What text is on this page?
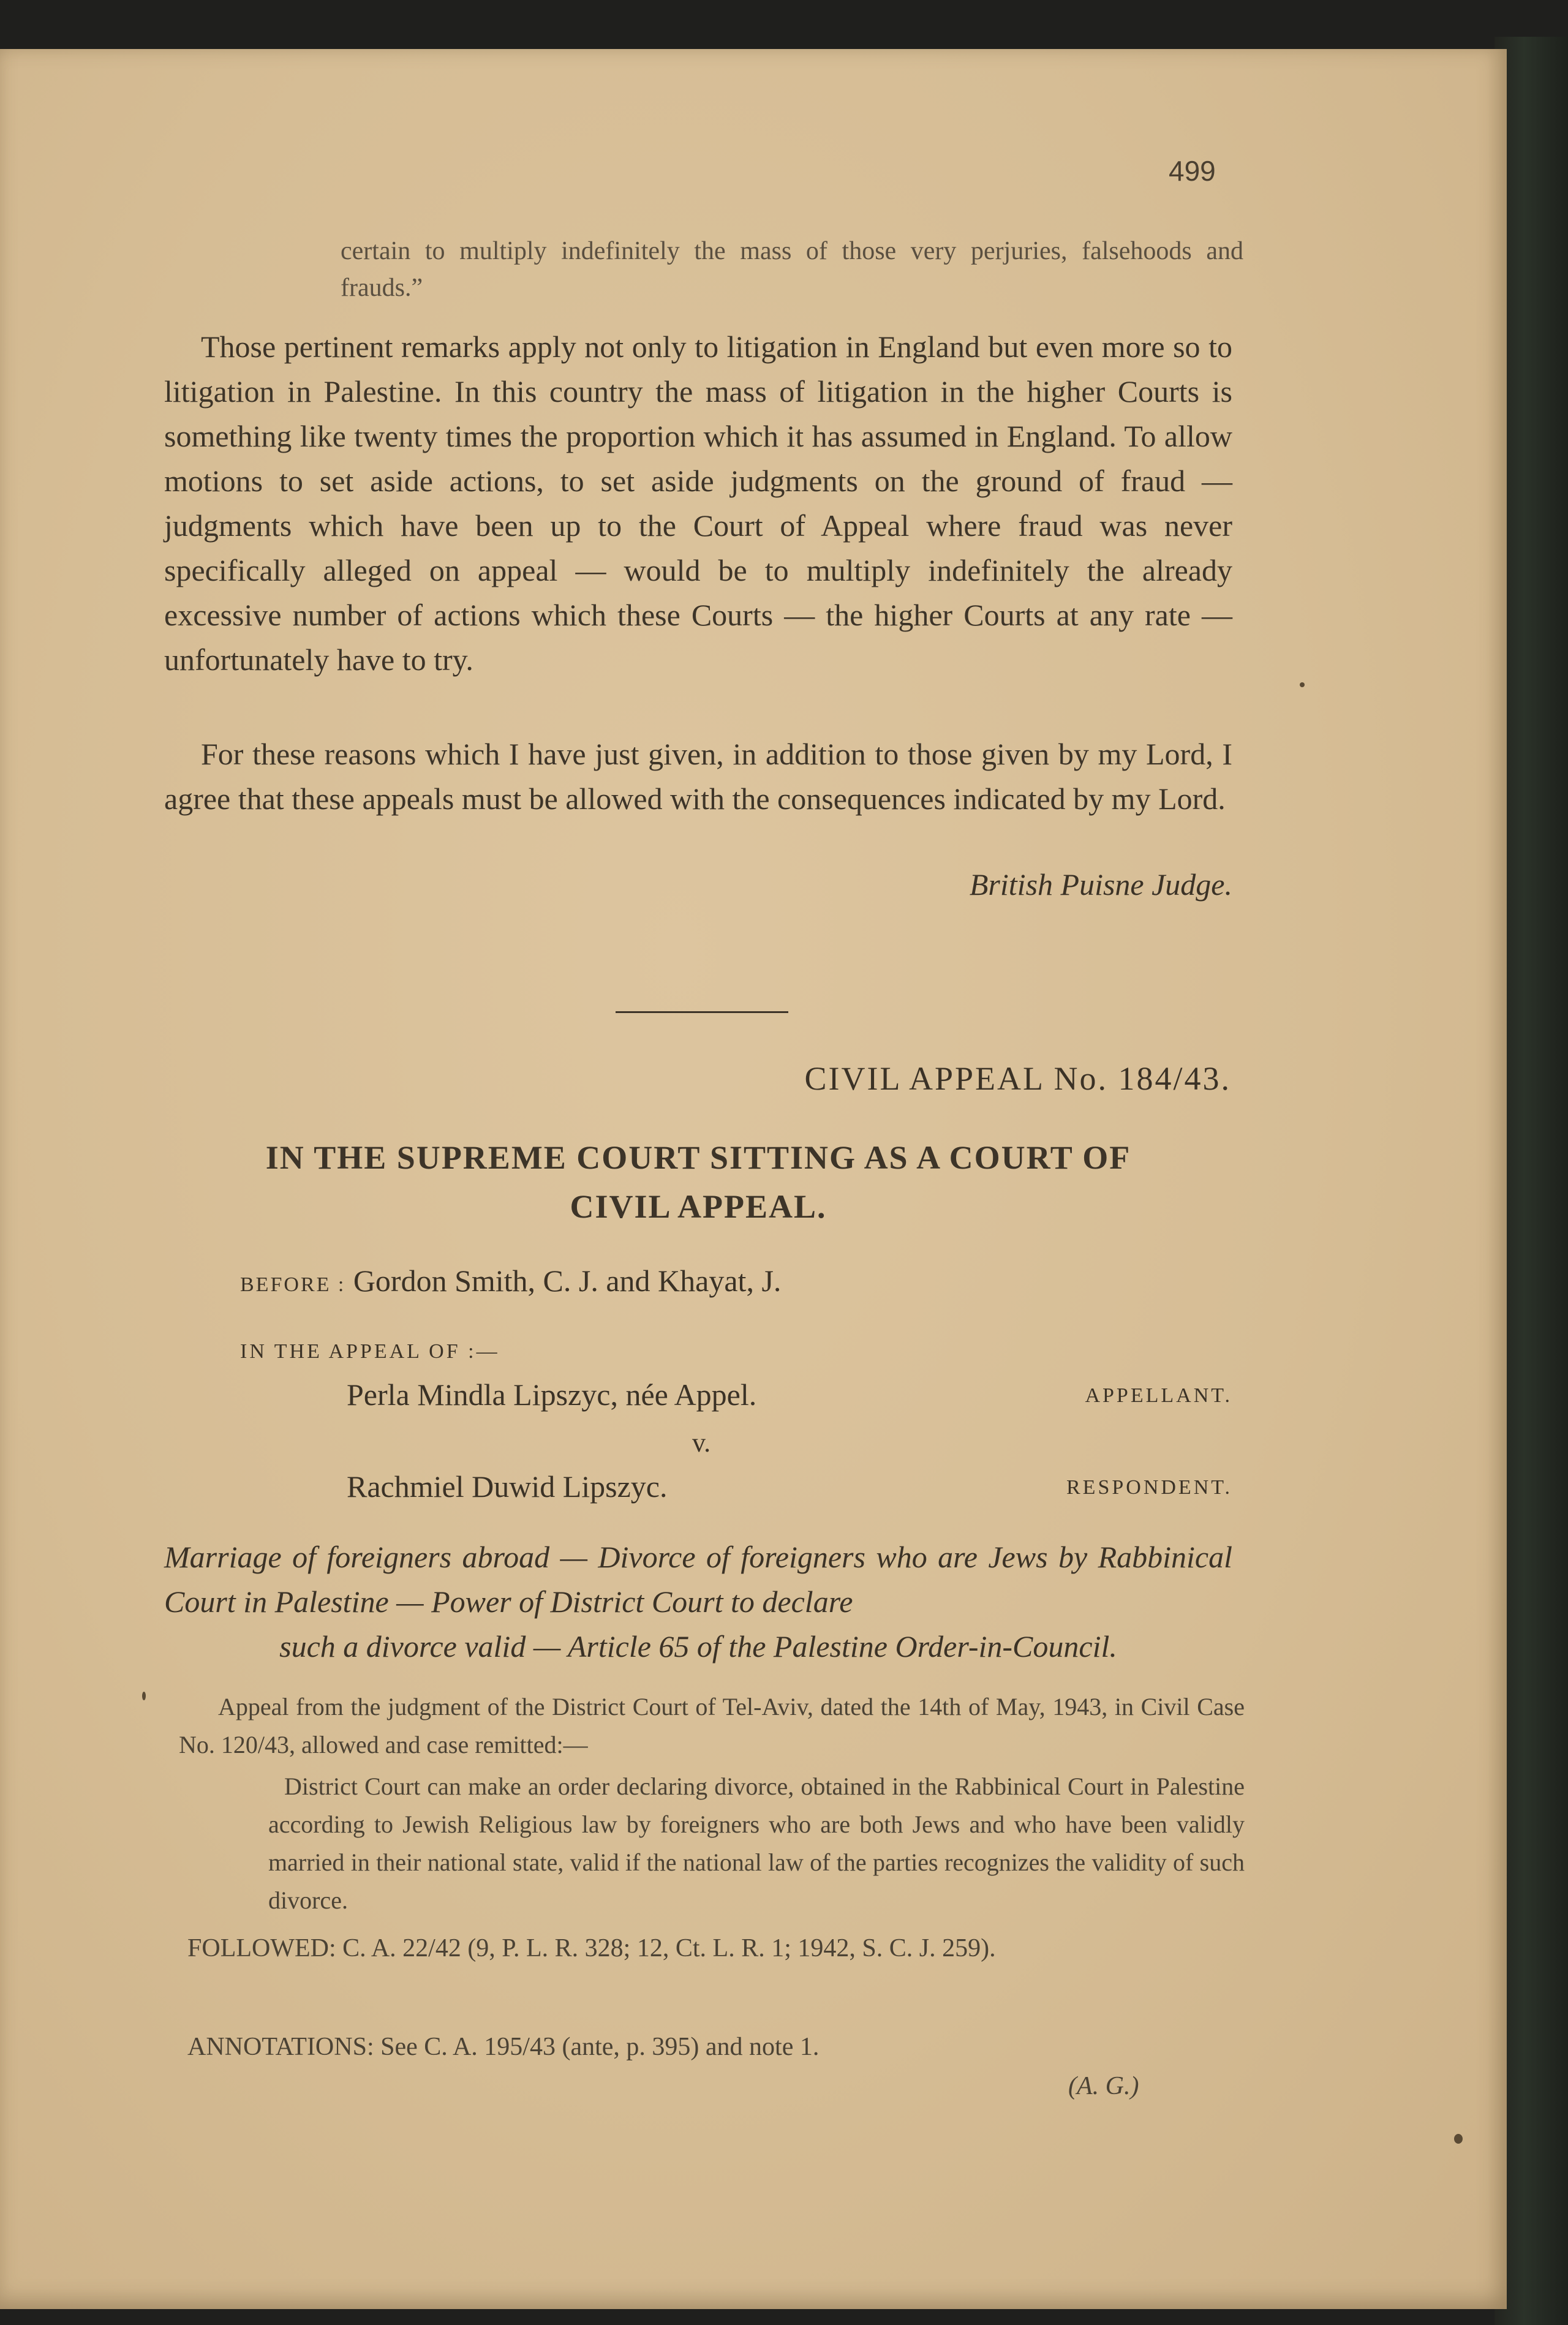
499
certain to multiply indefinitely the mass of those very perjuries, falsehoods and frauds.”
Those pertinent remarks apply not only to litigation in England but even more so to litigation in Palestine. In this country the mass of litigation in the higher Courts is something like twenty times the proportion which it has assumed in England. To allow motions to set aside actions, to set aside judgments on the ground of fraud — judgments which have been up to the Court of Appeal where fraud was never specifically alleged on appeal — would be to multiply indefinitely the already excessive number of actions which these Courts — the higher Courts at any rate — unfortunately have to try.
For these reasons which I have just given, in addition to those given by my Lord, I agree that these appeals must be allowed with the consequences indicated by my Lord.
British Puisne Judge.
CIVIL APPEAL No. 184/43.
IN THE SUPREME COURT SITTING AS A COURT OF
CIVIL APPEAL.
BEFORE : Gordon Smith, C. J. and Khayat, J.
IN THE APPEAL OF :—
Perla Mindla Lipszyc, née Appel.	APPELLANT.
v.
Rachmiel Duwid Lipszyc.	RESPONDENT.
Marriage of foreigners abroad — Divorce of foreigners who are Jews by Rabbinical Court in Palestine — Power of District Court to declare
such a divorce valid — Article 65 of the Palestine Order-in-Council.
Appeal from the judgment of the District Court of Tel-Aviv, dated the 14th of May, 1943, in Civil Case No. 120/43, allowed and case remitted:—
District Court can make an order declaring divorce, obtained in the Rabbinical Court in Palestine according to Jewish Religious law by foreigners who are both Jews and who have been validly married in their national state, valid if the national law of the parties recognizes the validity of such divorce.
FOLLOWED: C. A. 22/42 (9, P. L. R. 328; 12, Ct. L. R. 1; 1942, S. C. J. 259).
ANNOTATIONS: See C. A. 195/43 (ante, p. 395) and note 1.
(A. G.)
